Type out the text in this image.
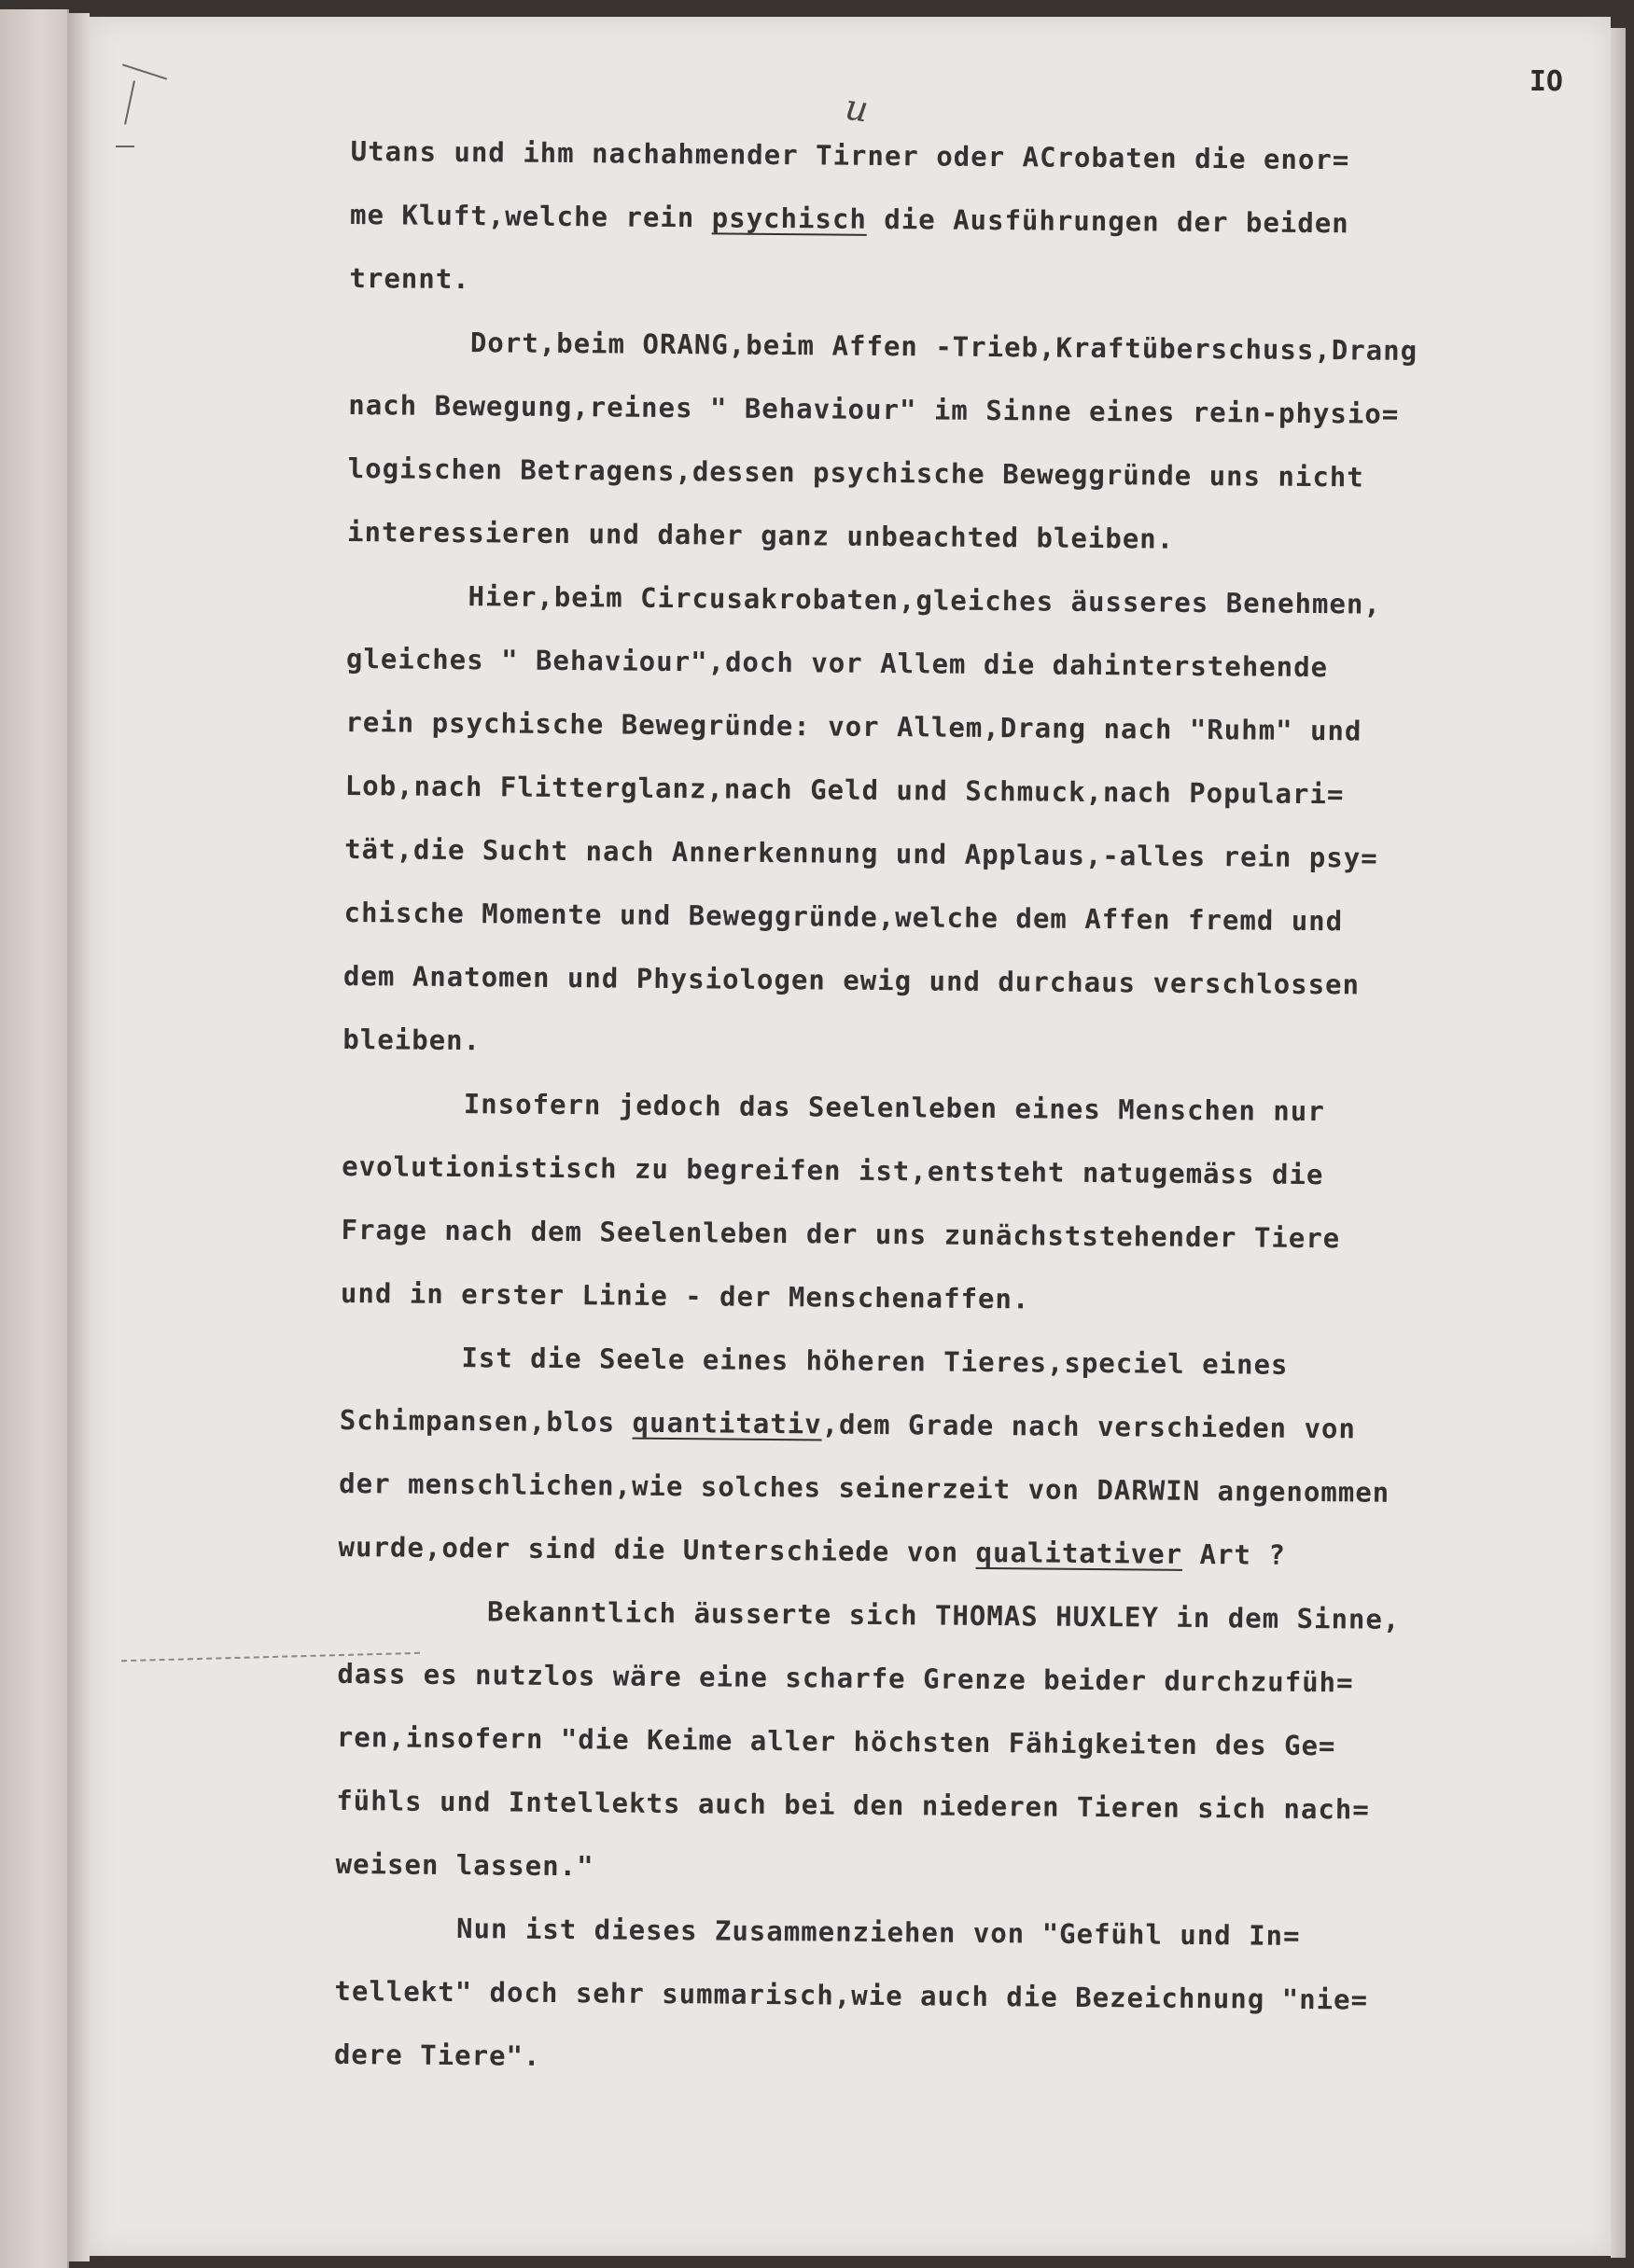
IO
u
Utans und ihm nachahmender Tirner oder ACrobaten die enor=
me Kluft,welche rein psychisch die Ausführungen der beiden
trennt.
Dort,beim ORANG,beim Affen -Trieb,Kraftüberschuss,Drang
nach Bewegung,reines " Behaviour" im Sinne eines rein-physio=
logischen Betragens,dessen psychische Beweggründe uns nicht
interessieren und daher ganz unbeachted bleiben.
Hier,beim Circusakrobaten,gleiches äusseres Benehmen,
gleiches " Behaviour",doch vor Allem die dahinterstehende
rein psychische Bewegründe: vor Allem,Drang nach "Ruhm" und
Lob,nach Flitterglanz,nach Geld und Schmuck,nach Populari=
tät,die Sucht nach Annerkennung und Applaus,-alles rein psy=
chische Momente und Beweggründe,welche dem Affen fremd und
dem Anatomen und Physiologen ewig und durchaus verschlossen
bleiben.
Insofern jedoch das Seelenleben eines Menschen nur
evolutionistisch zu begreifen ist,entsteht natugemäss die
Frage nach dem Seelenleben der uns zunächststehender Tiere
und in erster Linie - der Menschenaffen.
Ist die Seele eines höheren Tieres,speciel eines
Schimpansen,blos quantitativ,dem Grade nach verschieden von
der menschlichen,wie solches seinerzeit von DARWIN angenommen
wurde,oder sind die Unterschiede von qualitativer Art ?
Bekanntlich äusserte sich THOMAS HUXLEY in dem Sinne,
dass es nutzlos wäre eine scharfe Grenze beider durchzufüh=
ren,insofern "die Keime aller höchsten Fähigkeiten des Ge=
fühls und Intellekts auch bei den niederen Tieren sich nach=
weisen lassen."
Nun ist dieses Zusammenziehen von "Gefühl und In=
tellekt" doch sehr summarisch,wie auch die Bezeichnung "nie=
dere Tiere".
